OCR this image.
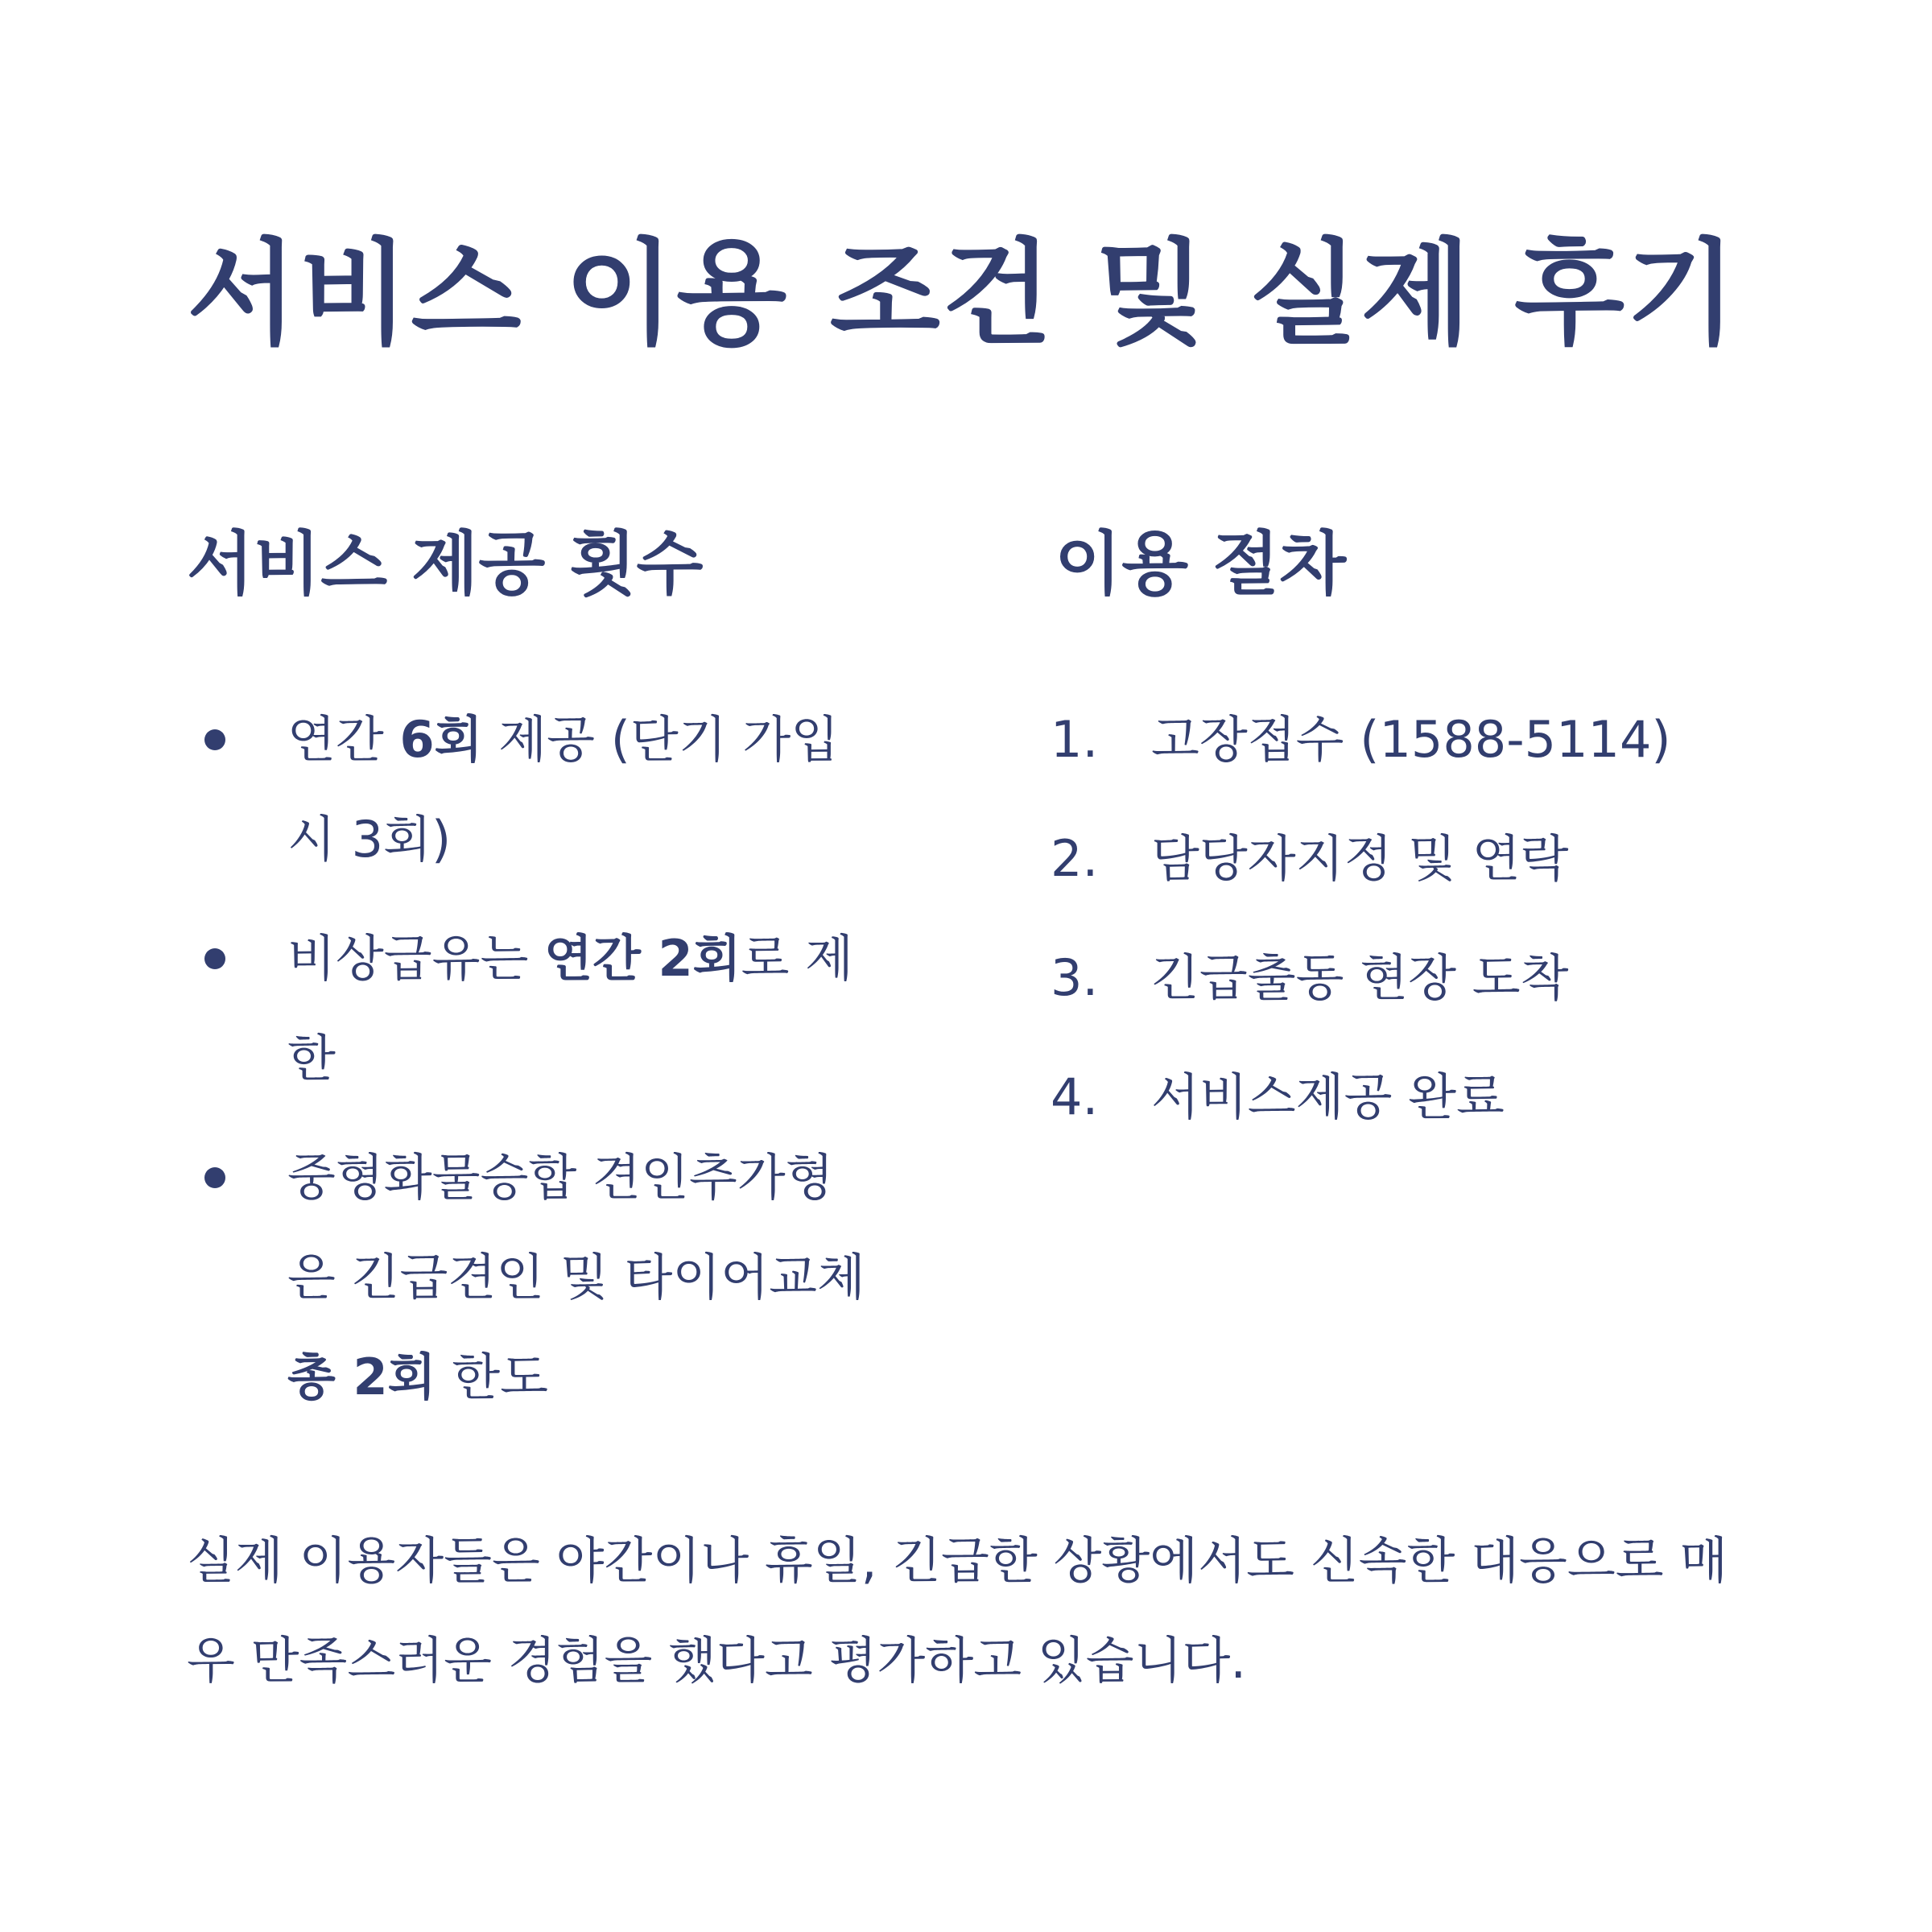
서비스 이용 조건 및 실제 후기
서비스 제공 횟수
연간 6회 제공 (단기 가입 시 3회)
비상급유는 연간 2회로 제한
중형화물승합 견인추가형은 긴급견인 및 타이어교체 총 2회 한도
이용 절차
1. 고장접수 (1588-5114)
2. 담당자지정 및 연락
3. 긴급출동 현장 도착
4. 서비스제공 완료

실제 이용자들은 야간이나 휴일, 긴급한 상황에서도 신속한 대응으로 매우 만족스러운 경험을 했다고 평가하고 있습니다.
